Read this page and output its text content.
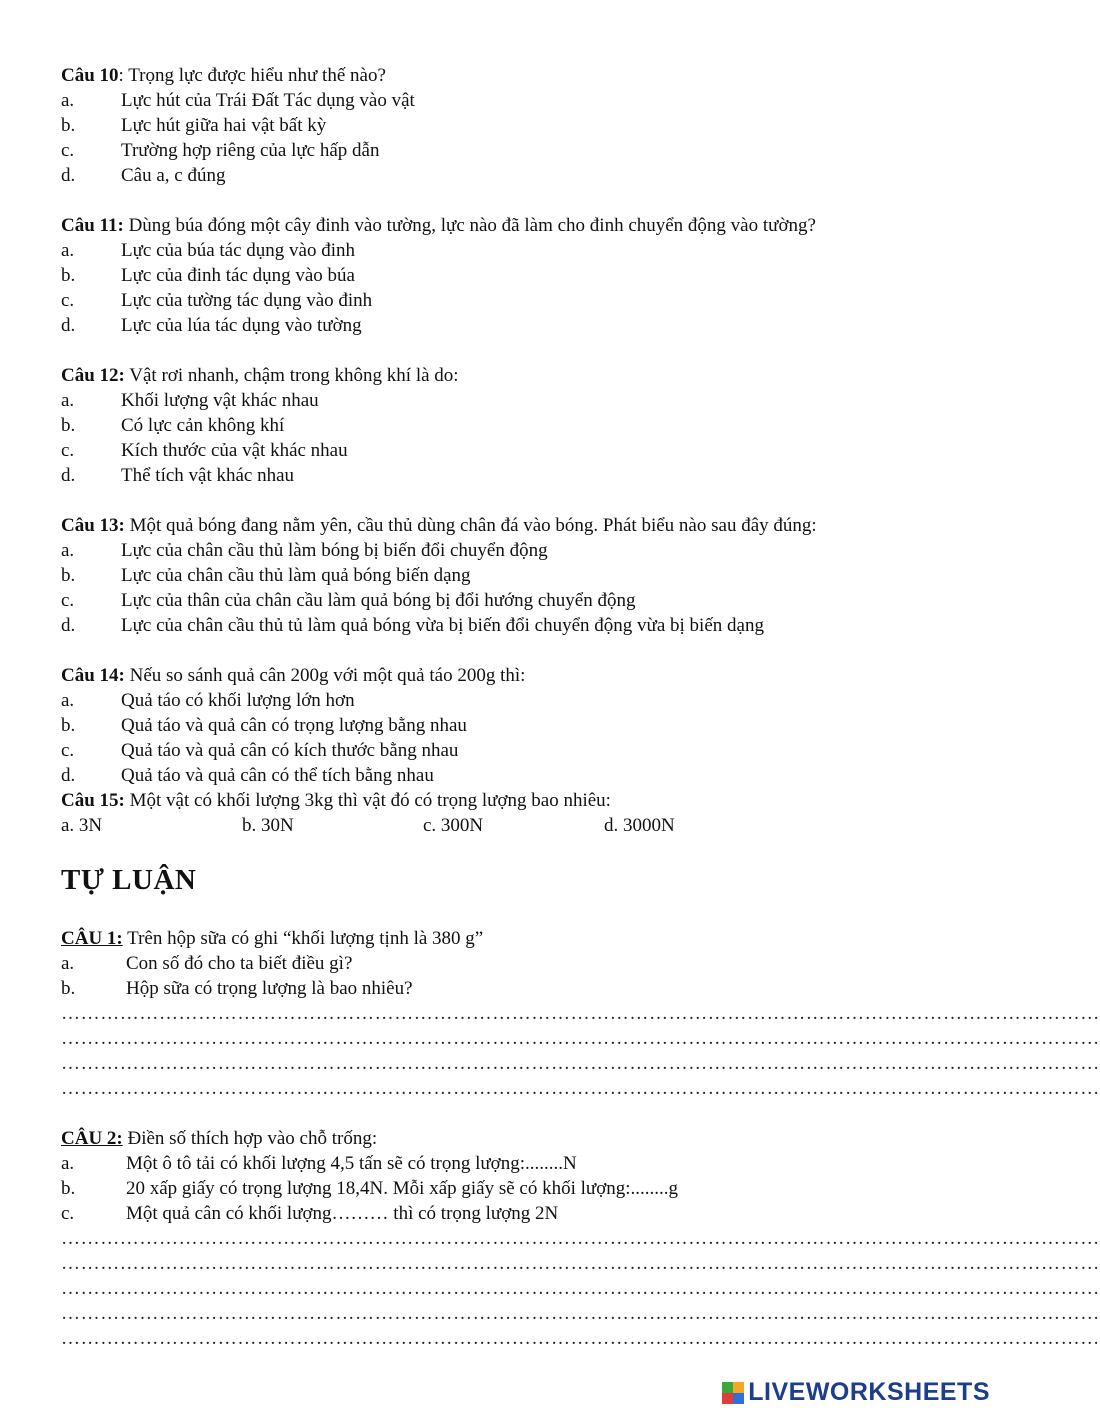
Câu 10: Trọng lực được hiểu như thế nào?
a. Lực hút của Trái Đất Tác dụng vào vật
b. Lực hút giữa hai vật bất kỳ
c. Trường hợp riêng của lực hấp dẫn
d. Câu a, c đúng
Câu 11: Dùng búa đóng một cây đinh vào tường, lực nào đã làm cho đinh chuyển động vào tường?
a. Lực của búa tác dụng vào đinh
b. Lực của đinh tác dụng vào búa
c. Lực của tường tác dụng vào đinh
d. Lực của lúa tác dụng vào tường
Câu 12: Vật rơi nhanh, chậm trong không khí là do:
a. Khối lượng vật khác nhau
b. Có lực cản không khí
c. Kích thước của vật khác nhau
d. Thể tích vật khác nhau
Câu 13: Một quả bóng đang nằm yên, cầu thủ dùng chân đá vào bóng. Phát biểu nào sau đây đúng:
a. Lực của chân cầu thủ làm bóng bị biến đổi chuyển động
b. Lực của chân cầu thủ làm quả bóng biến dạng
c. Lực của thân của chân cầu làm quả bóng bị đổi hướng chuyển động
d. Lực của chân cầu thủ tủ làm quả bóng vừa bị biến đổi chuyển động vừa bị biến dạng
Câu 14: Nếu so sánh quả cân 200g với một quả táo 200g thì:
a. Quả táo có khối lượng lớn hơn
b. Quả táo và quả cân có trọng lượng bằng nhau
c. Quả táo và quả cân có kích thước bằng nhau
d. Quả táo và quả cân có thể tích bằng nhau
Câu 15: Một vật có khối lượng 3kg thì vật đó có trọng lượng bao nhiêu:
a. 3N	b. 30N	c. 300N	d. 3000N
TỰ LUẬN
CÂU 1: Trên hộp sữa có ghi “khối lượng tịnh là 380 g”
a.	Con số đó cho ta biết điều gì?
b.	Hộp sữa có trọng lượng là bao nhiêu?
……………………………………………………………………………………………………………………………………………
……………………………………………………………………………………………………………………………………………
……………………………………………………………………………………………………………………………………………
……………………………………………………………………………………………………………………………………………
CÂU 2: Điền số thích hợp vào chỗ trống:
a.	Một ô tô tải có khối lượng 4,5 tấn sẽ có trọng lượng:........N
b.	20 xấp giấy có trọng lượng 18,4N. Mỗi xấp giấy sẽ có khối lượng:........g
c.	Một quả cân có khối lượng……… thì có trọng lượng 2N
……………………………………………………………………………………………………………………………………………
……………………………………………………………………………………………………………………………………………
……………………………………………………………………………………………………………………………………………
……………………………………………………………………………………………………………………………………………
……………………………………………………………………………………………………………………………………………
LIVEWORKSHEETS
